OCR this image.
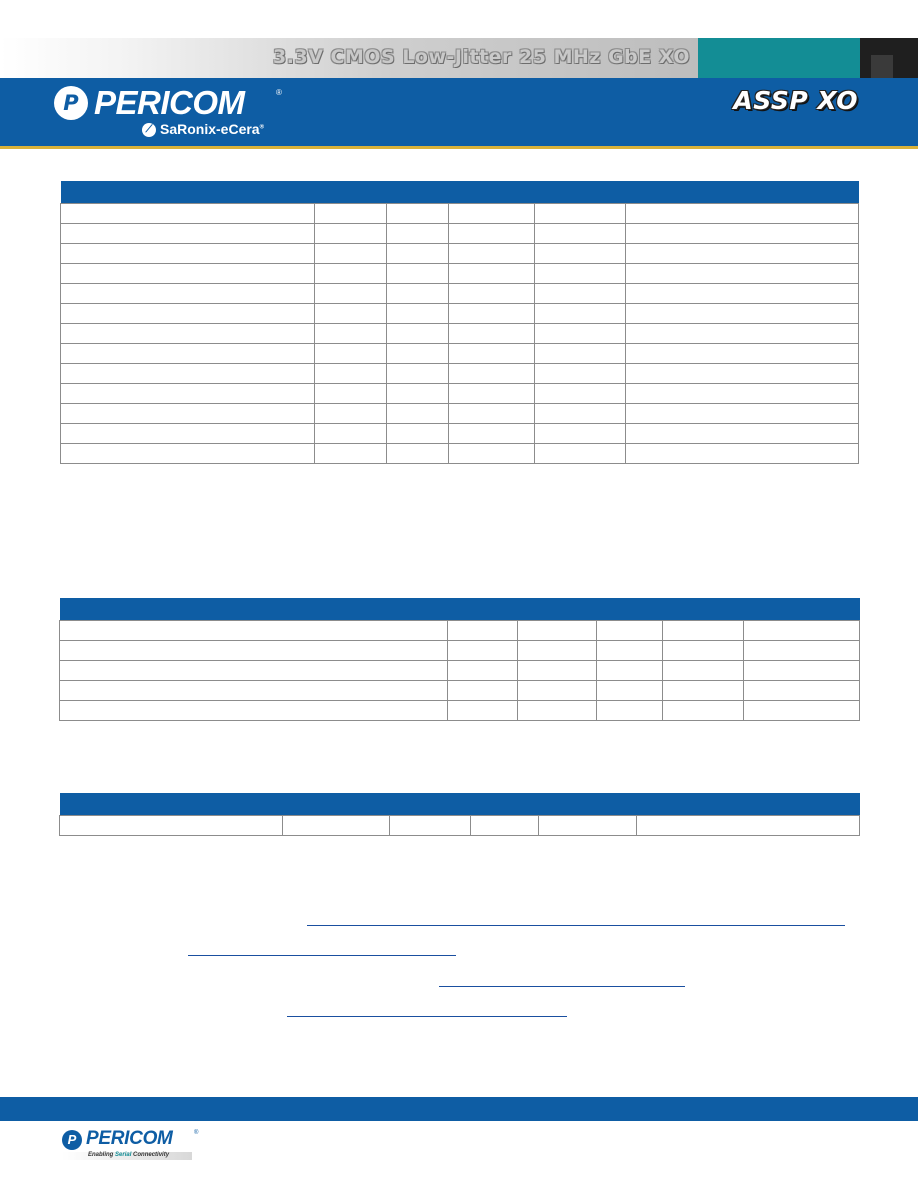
3.3V CMOS Low-Jitter 25 MHz GbE XO
P PERICOM	®
⟋ SaRonix-eCera®
ASSP XO

P PERICOM	®
Enabling Serial Connectivity
